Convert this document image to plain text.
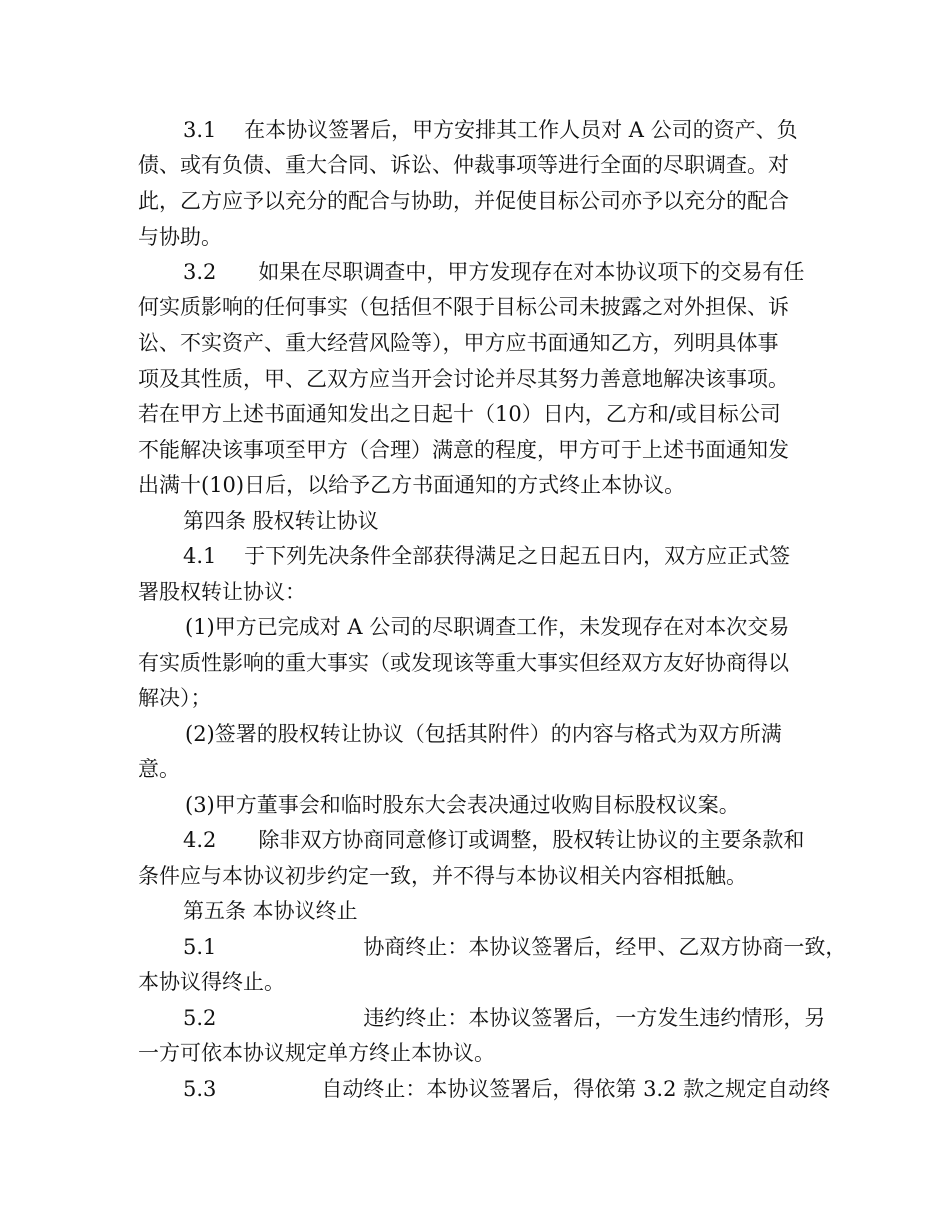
3.1　 在本协议签署后，甲方安排其工作人员对 A 公司的资产、负
债、或有负债、重大合同、诉讼、仲裁事项等进行全面的尽职调查。对
此，乙方应予以充分的配合与协助，并促使目标公司亦予以充分的配合
与协助。
3.2　　如果在尽职调查中，甲方发现存在对本协议项下的交易有任
何实质影响的任何事实（包括但不限于目标公司未披露之对外担保、诉
讼、不实资产、重大经营风险等），甲方应书面通知乙方，列明具体事
项及其性质，甲、乙双方应当开会讨论并尽其努力善意地解决该事项。
若在甲方上述书面通知发出之日起十（10）日内，乙方和/或目标公司
不能解决该事项至甲方（合理）满意的程度，甲方可于上述书面通知发
出满十(10)日后，以给予乙方书面通知的方式终止本协议。
第四条 股权转让协议
4.1　 于下列先决条件全部获得满足之日起五日内，双方应正式签
署股权转让协议：
(1)甲方已完成对 A 公司的尽职调查工作，未发现存在对本次交易
有实质性影响的重大事实（或发现该等重大事实但经双方友好协商得以
解决）；
(2)签署的股权转让协议（包括其附件）的内容与格式为双方所满
意。
(3)甲方董事会和临时股东大会表决通过收购目标股权议案。
4.2　　除非双方协商同意修订或调整，股权转让协议的主要条款和
条件应与本协议初步约定一致，并不得与本协议相关内容相抵触。
第五条 本协议终止
5.1　　　　　　　协商终止：本协议签署后，经甲、乙双方协商一致，
本协议得终止。
5.2　　　　　　　违约终止：本协议签署后，一方发生违约情形，另
一方可依本协议规定单方终止本协议。
5.3　　　　　自动终止：本协议签署后，得依第 3.2 款之规定自动终
